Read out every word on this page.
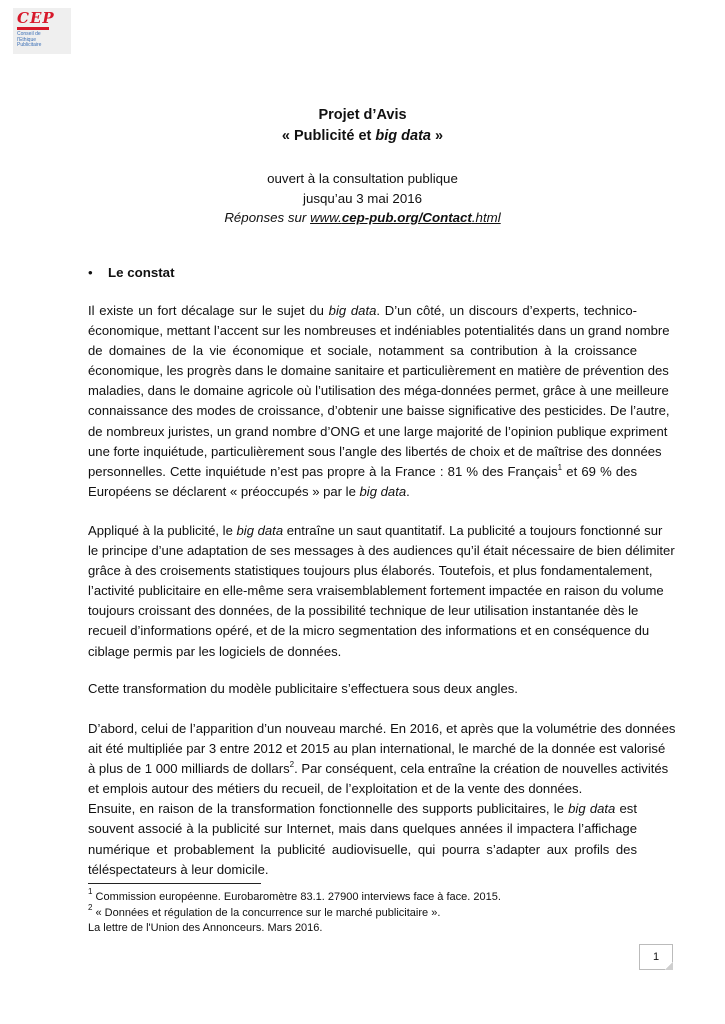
CEP
Conseil de
l'Ethique
Publicitaire
Projet d’Avis
« Publicité et big data »
ouvert à la consultation publique
jusqu’au 3 mai 2016
Réponses sur www.cep-pub.org/Contact.html
• Le constat
Il existe un fort décalage sur le sujet du big data. D’un côté, un discours d’experts, technico-
économique, mettant l’accent sur les nombreuses et indéniables potentialités dans un grand nombre
de domaines de la vie économique et sociale, notamment sa contribution à la croissance
économique, les progrès dans le domaine sanitaire et particulièrement en matière de prévention des
maladies, dans le domaine agricole où l’utilisation des méga-données permet, grâce à une meilleure
connaissance des modes de croissance, d’obtenir une baisse significative des pesticides. De l’autre,
de nombreux juristes, un grand nombre d’ONG et une large majorité de l’opinion publique expriment
une forte inquiétude, particulièrement sous l’angle des libertés de choix et de maîtrise des données
personnelles. Cette inquiétude n’est pas propre à la France : 81 % des Français$^1$ et 69 % des
Européens se déclarent « préoccupés » par le big data.
Appliqué à la publicité, le big data entraîne un saut quantitatif. La publicité a toujours fonctionné sur
le principe d’une adaptation de ses messages à des audiences qu’il était nécessaire de bien délimiter
grâce à des croisements statistiques toujours plus élaborés. Toutefois, et plus fondamentalement,
l’activité publicitaire en elle-même sera vraisemblablement fortement impactée en raison du volume
toujours croissant des données, de la possibilité technique de leur utilisation instantanée dès le
recueil d’informations opéré, et de la micro segmentation des informations et en conséquence du
ciblage permis par les logiciels de données.
Cette transformation du modèle publicitaire s’effectuera sous deux angles.
D’abord, celui de l’apparition d’un nouveau marché. En 2016, et après que la volumétrie des données
ait été multipliée par 3 entre 2012 et 2015 au plan international, le marché de la donnée est valorisé
à plus de 1 000 milliards de dollars$^2$. Par conséquent, cela entraîne la création de nouvelles activités
et emplois autour des métiers du recueil, de l’exploitation et de la vente des données.
Ensuite, en raison de la transformation fonctionnelle des supports publicitaires, le big data est
souvent associé à la publicité sur Internet, mais dans quelques années il impactera l’affichage
numérique et probablement la publicité audiovisuelle, qui pourra s’adapter aux profils des
téléspectateurs à leur domicile.
$^1$ Commission européenne. Eurobaromètre 83.1. 27900 interviews face à face. 2015.
$^2$ « Données et régulation de la concurrence sur le marché publicitaire ».
La lettre de l'Union des Annonceurs. Mars 2016.
1
